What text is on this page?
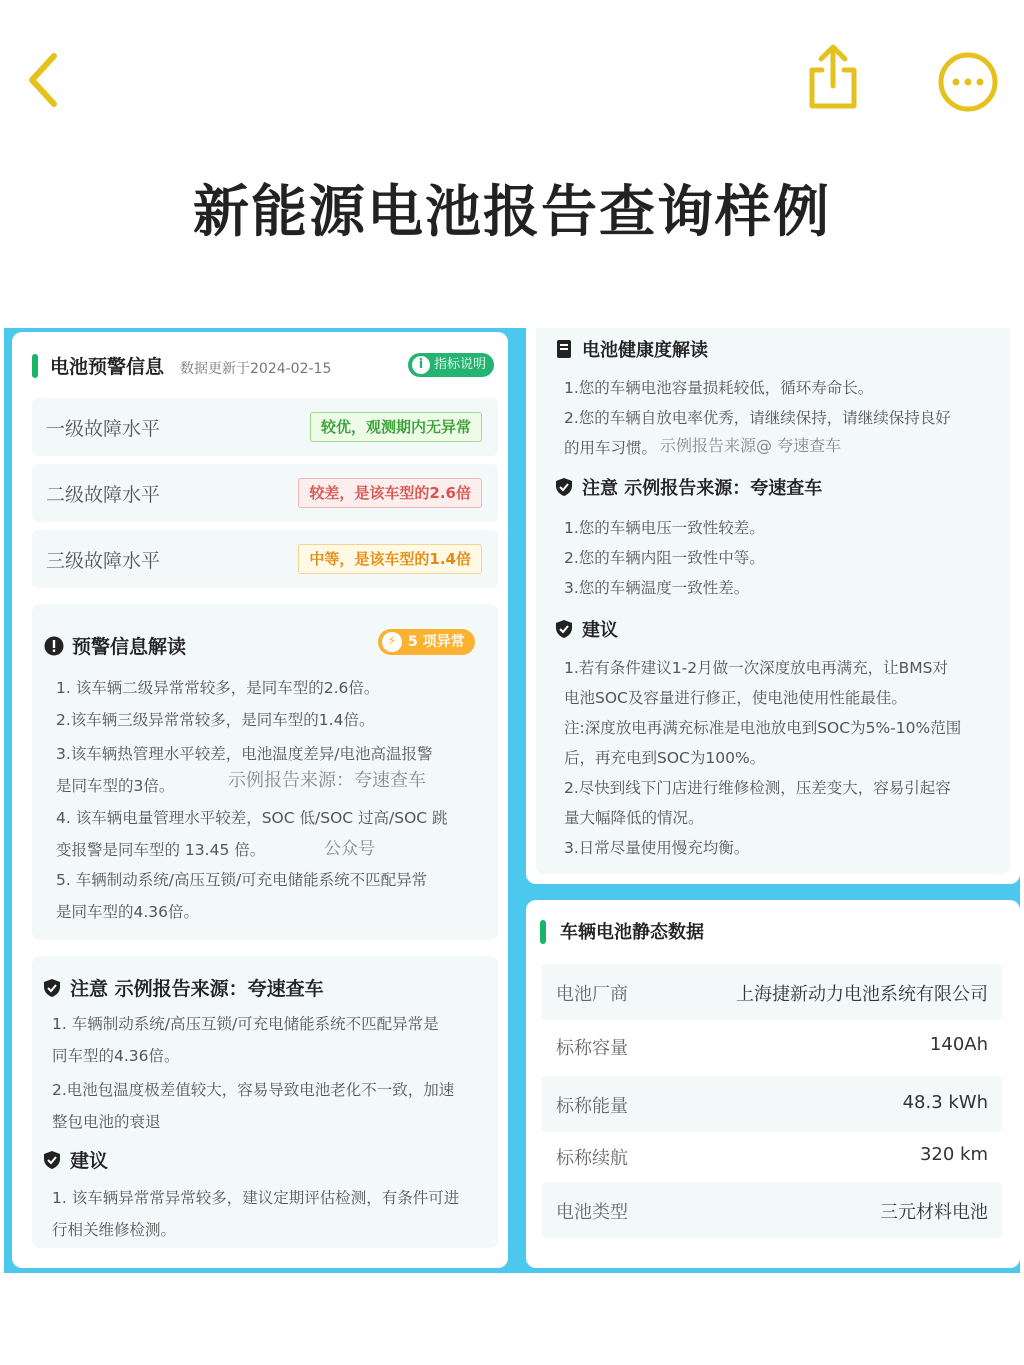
新能源电池报告查询样例
电池预警信息 数据更新于2024-02-15	i 指标说明
一级故障水平	较优，观测期内无异常
二级故障水平	较差，是该车型的2.6倍
三级故障水平	中等，是该车型的1.4倍
预警信息解读	⚡ 5 项异常
1. 该车辆二级异常常较多，是同车型的2.6倍。
2.该车辆三级异常常较多，是同车型的1.4倍。
3.该车辆热管理水平较差，电池温度差异/电池高温报警
是同车型的3倍。	示例报告来源：夸速查车
4. 该车辆电量管理水平较差，SOC 低/SOC 过高/SOC 跳
变报警是同车型的 13.45 倍。	公众号
5. 车辆制动系统/高压互锁/可充电储能系统不匹配异常
是同车型的4.36倍。
注意 示例报告来源：夸速查车
1. 车辆制动系统/高压互锁/可充电储能系统不匹配异常是
同车型的4.36倍。
2.电池包温度极差值较大，容易导致电池老化不一致，加速
整包电池的衰退
建议
1. 该车辆异常常异常较多，建议定期评估检测，有条件可进
行相关维修检测。
电池健康度解读
1.您的车辆电池容量损耗较低，循环寿命长。
2.您的车辆自放电率优秀，请继续保持，请继续保持良好
的用车习惯。 示例报告来源@ 夸速查车
注意 示例报告来源：夸速查车
1.您的车辆电压一致性较差。
2.您的车辆内阻一致性中等。
3.您的车辆温度一致性差。
建议
1.若有条件建议1-2月做一次深度放电再满充，让BMS对
电池SOC及容量进行修正，使电池使用性能最佳。
注:深度放电再满充标准是电池放电到SOC为5%-10%范围
后，再充电到SOC为100%。
2.尽快到线下门店进行维修检测，压差变大，容易引起容
量大幅降低的情况。
3.日常尽量使用慢充均衡。
车辆电池静态数据
电池厂商	上海捷新动力电池系统有限公司
标称容量	140Ah
标称能量	48.3 kWh
标称续航	320 km
电池类型	三元材料电池
